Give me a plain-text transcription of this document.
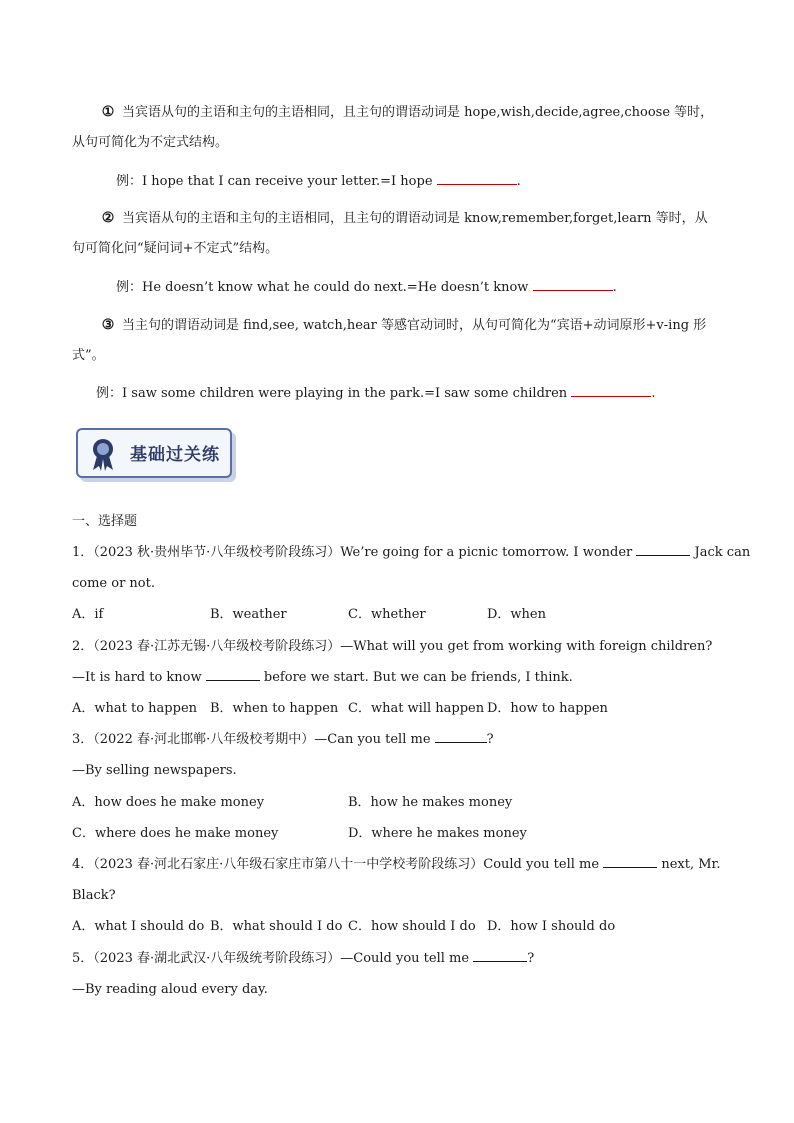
① 当宾语从句的主语和主句的主语相同，且主句的谓语动词是 hope,wish,decide,agree,choose 等时，
从句可简化为不定式结构。
例：I hope that I can receive your letter.=I hope	.
② 当宾语从句的主语和主句的主语相同，且主句的谓语动词是 know,remember,forget,learn 等时，从
句可简化问“疑问词+不定式”结构。
例：He doesn’t know what he could do next.=He doesn’t know	.
③ 当主句的谓语动词是 find,see, watch,hear 等感官动词时，从句可简化为“宾语+动词原形+v-ing 形
式”。
例：I saw some children were playing in the park.=I saw some children	.
基础过关练
一、选择题
1．（2023 秋·贵州毕节·八年级校考阶段练习）We’re going for a picnic tomorrow. I wonder	Jack can
come or not.
A．if	B．weather	C．whether	D．when
2．（2023 春·江苏无锡·八年级校考阶段练习）—What will you get from working with foreign children?
—It is hard to know	before we start. But we can be friends, I think.
A．what to happen B．when to happen C．what will happen D．how to happen
3．（2022 春·河北邯郸·八年级校考期中）—Can you tell me	?
—By selling newspapers.
A．how does he make money	B．how he makes money
C．where does he make money	D．where he makes money
4．（2023 春·河北石家庄·八年级石家庄市第八十一中学校考阶段练习）Could you tell me	next, Mr.
Black?
A．what I should do B．what should I do C．how should I do D．how I should do
5．（2023 春·湖北武汉·八年级统考阶段练习）—Could you tell me	?
—By reading aloud every day.
